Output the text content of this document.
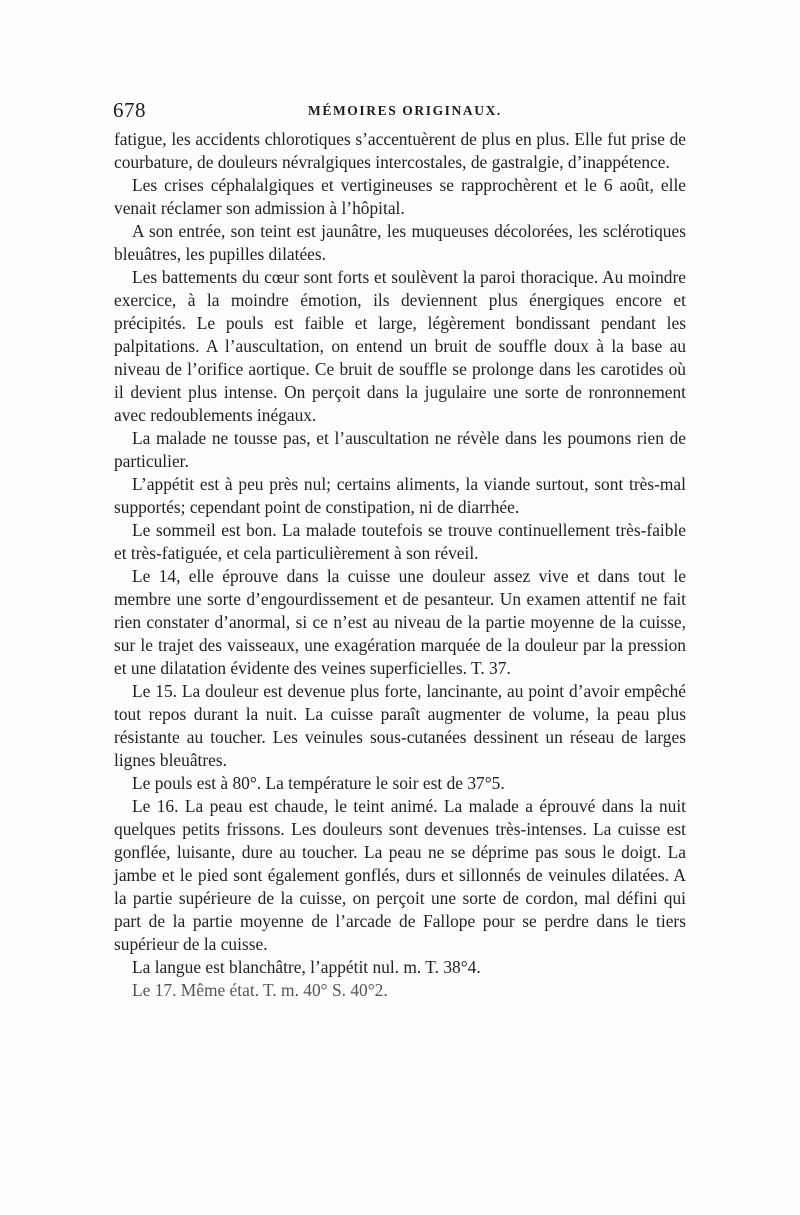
678	MÉMOIRES ORIGINAUX.

fatigue, les accidents chlorotiques s’accentuèrent de plus en plus. Elle fut prise de courbature, de douleurs névralgiques intercostales, de gastralgie, d’inappétence.

Les crises céphalalgiques et vertigineuses se rapprochèrent et le 6 août, elle venait réclamer son admission à l’hôpital.

A son entrée, son teint est jaunâtre, les muqueuses décolorées, les sclérotiques bleuâtres, les pupilles dilatées.

Les battements du cœur sont forts et soulèvent la paroi thoracique. Au moindre exercice, à la moindre émotion, ils deviennent plus énergiques encore et précipités. Le pouls est faible et large, légèrement bondissant pendant les palpitations. A l’auscultation, on entend un bruit de souffle doux à la base au niveau de l’orifice aortique. Ce bruit de souffle se prolonge dans les carotides où il devient plus intense. On perçoit dans la jugulaire une sorte de ronronnement avec redoublements inégaux.

La malade ne tousse pas, et l’auscultation ne révèle dans les poumons rien de particulier.

L’appétit est à peu près nul; certains aliments, la viande surtout, sont très-mal supportés; cependant point de constipation, ni de diarrhée.

Le sommeil est bon. La malade toutefois se trouve continuellement très-faible et très-fatiguée, et cela particulièrement à son réveil.

Le 14, elle éprouve dans la cuisse une douleur assez vive et dans tout le membre une sorte d’engourdissement et de pesanteur. Un examen attentif ne fait rien constater d’anormal, si ce n’est au niveau de la partie moyenne de la cuisse, sur le trajet des vaisseaux, une exagération marquée de la douleur par la pression et une dilatation évidente des veines superficielles. T. 37.

Le 15. La douleur est devenue plus forte, lancinante, au point d’avoir empêché tout repos durant la nuit. La cuisse paraît augmenter de volume, la peau plus résistante au toucher. Les veinules sous-cutanées dessinent un réseau de larges lignes bleuâtres.

Le pouls est à 80°. La température le soir est de 37°5.

Le 16. La peau est chaude, le teint animé. La malade a éprouvé dans la nuit quelques petits frissons. Les douleurs sont devenues très-intenses. La cuisse est gonflée, luisante, dure au toucher. La peau ne se déprime pas sous le doigt. La jambe et le pied sont également gonflés, durs et sillonnés de veinules dilatées. A la partie supérieure de la cuisse, on perçoit une sorte de cordon, mal défini qui part de la partie moyenne de l’arcade de Fallope pour se perdre dans le tiers supérieur de la cuisse.

La langue est blanchâtre, l’appétit nul. m. T. 38°4.

Le 17. Même état. T. m. 40° S. 40°2.
